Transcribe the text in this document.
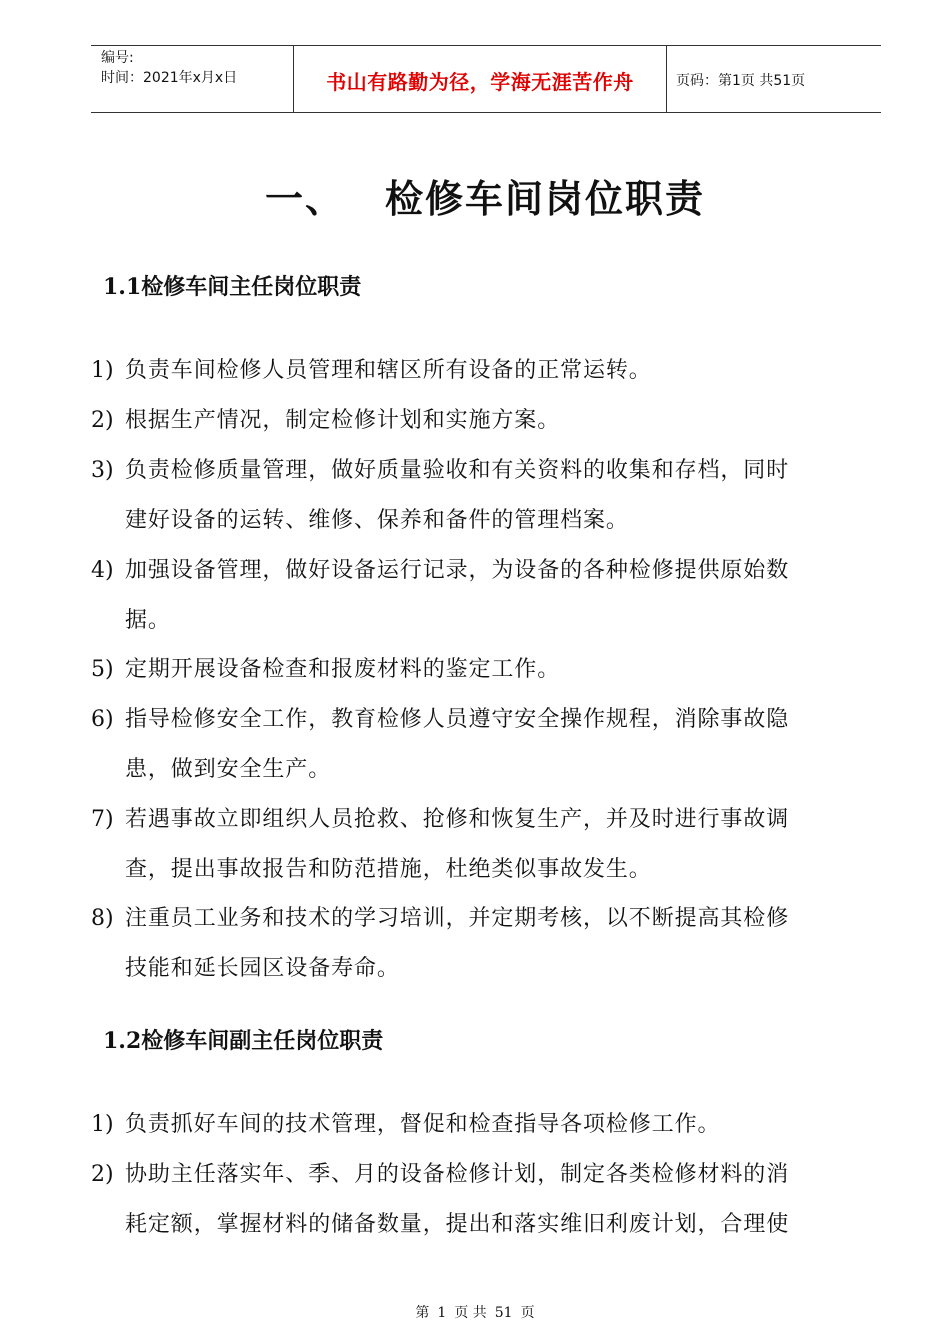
编号:
时间：2021年x月x日	书山有路勤为径，学海无涯苦作舟	页码：第1页 共51页
一、 检修车间岗位职责
1.1检修车间主任岗位职责
1) 负责车间检修人员管理和辖区所有设备的正常运转。
2) 根据生产情况，制定检修计划和实施方案。
3) 负责检修质量管理，做好质量验收和有关资料的收集和存档，同时
建好设备的运转、维修、保养和备件的管理档案。
4) 加强设备管理，做好设备运行记录，为设备的各种检修提供原始数
据。
5) 定期开展设备检查和报废材料的鉴定工作。
6) 指导检修安全工作，教育检修人员遵守安全操作规程，消除事故隐
患，做到安全生产。
7) 若遇事故立即组织人员抢救、抢修和恢复生产，并及时进行事故调
查，提出事故报告和防范措施，杜绝类似事故发生。
8) 注重员工业务和技术的学习培训，并定期考核，以不断提高其检修
技能和延长园区设备寿命。
1.2检修车间副主任岗位职责
1) 负责抓好车间的技术管理，督促和检查指导各项检修工作。
2) 协助主任落实年、季、月的设备检修计划，制定各类检修材料的消
耗定额，掌握材料的储备数量，提出和落实维旧利废计划，合理使
第 1 页 共 51 页
